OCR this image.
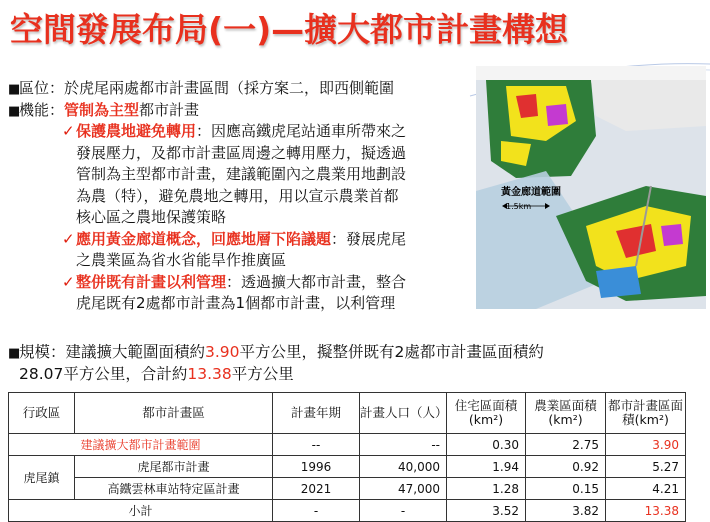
空間發展布局(一)—擴大都市計畫構想
■區位：於虎尾兩處都市計畫區間（採方案二，即西側範圍
■機能：管制為主型都市計畫
✓保護農地避免轉用：因應高鐵虎尾站通車所帶來之
發展壓力，及都市計畫區周邊之轉用壓力，擬透過
管制為主型都市計畫，建議範圍內之農業用地劃設
為農（特），避免農地之轉用，用以宣示農業首都
核心區之農地保護策略
✓應用黃金廊道概念，回應地層下陷議題：發展虎尾
之農業區為省水省能旱作推廣區
✓整併既有計畫以利管理：透過擴大都市計畫，整合
虎尾既有2處都市計畫為1個都市計畫，以利管理
黃金廊道範圍
1.5km
■規模：建議擴大範圍面積約3.90平方公里，擬整併既有2處都市計畫區面積約
28.07平方公里，合計約13.38平方公里
行政區	都市計畫區	計畫年期	計畫人口（人）	住宅區面積(km²)	農業區面積(km²)	都市計畫區面積(km²)
建議擴大都市計畫範圍		--	--	0.30	2.75	3.90
虎尾鎮	虎尾都市計畫	1996	40,000	1.94	0.92	5.27
	高鐵雲林車站特定區計畫	2021	47,000	1.28	0.15	4.21
小計		-	-	3.52	3.82	13.38
